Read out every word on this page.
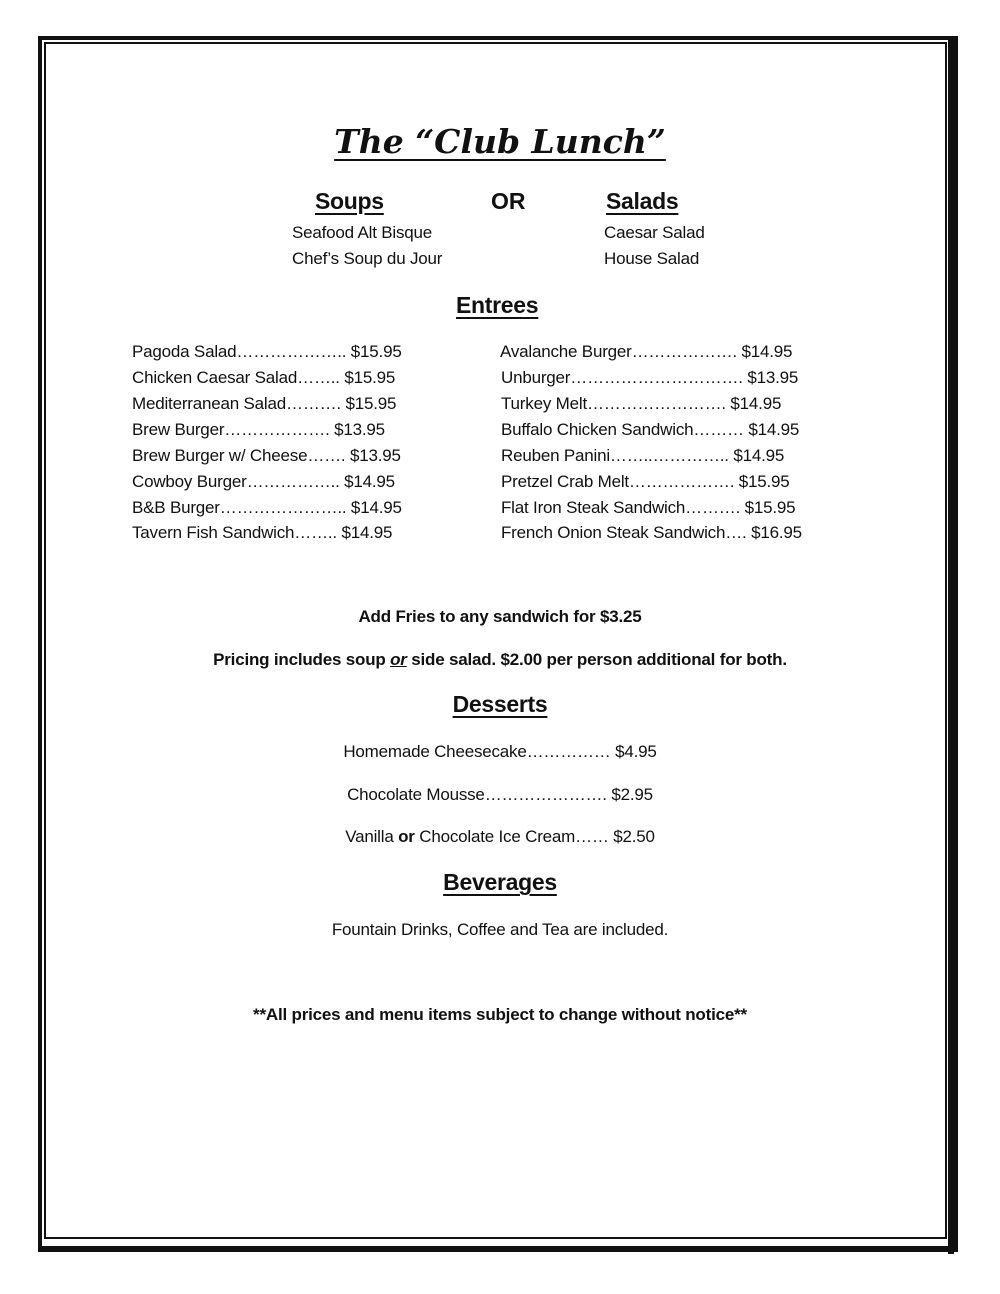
The “Club Lunch”
Soups	OR	Salads
Seafood Alt Bisque
Chef’s Soup du Jour
Caesar Salad
House Salad
Entrees
Pagoda Salad……………….. $15.95
Chicken Caesar Salad…….. $15.95
Mediterranean Salad………. $15.95
Brew Burger………………. $13.95
Brew Burger w/ Cheese……. $13.95
Cowboy Burger…………….. $14.95
B&B Burger………………….. $14.95
Tavern Fish Sandwich…….. $14.95
Avalanche Burger………………. $14.95
Unburger…………………………. $13.95
Turkey Melt……………………. $14.95
Buffalo Chicken Sandwich……… $14.95
Reuben Panini……..………….. $14.95
Pretzel Crab Melt………………. $15.95
Flat Iron Steak Sandwich………. $15.95
French Onion Steak Sandwich…. $16.95
Add Fries to any sandwich for $3.25
Pricing includes soup or side salad. $2.00 per person additional for both.
Desserts
Homemade Cheesecake…………… $4.95
Chocolate Mousse…………………. $2.95
Vanilla or Chocolate Ice Cream…… $2.50
Beverages
Fountain Drinks, Coffee and Tea are included.
**All prices and menu items subject to change without notice**
